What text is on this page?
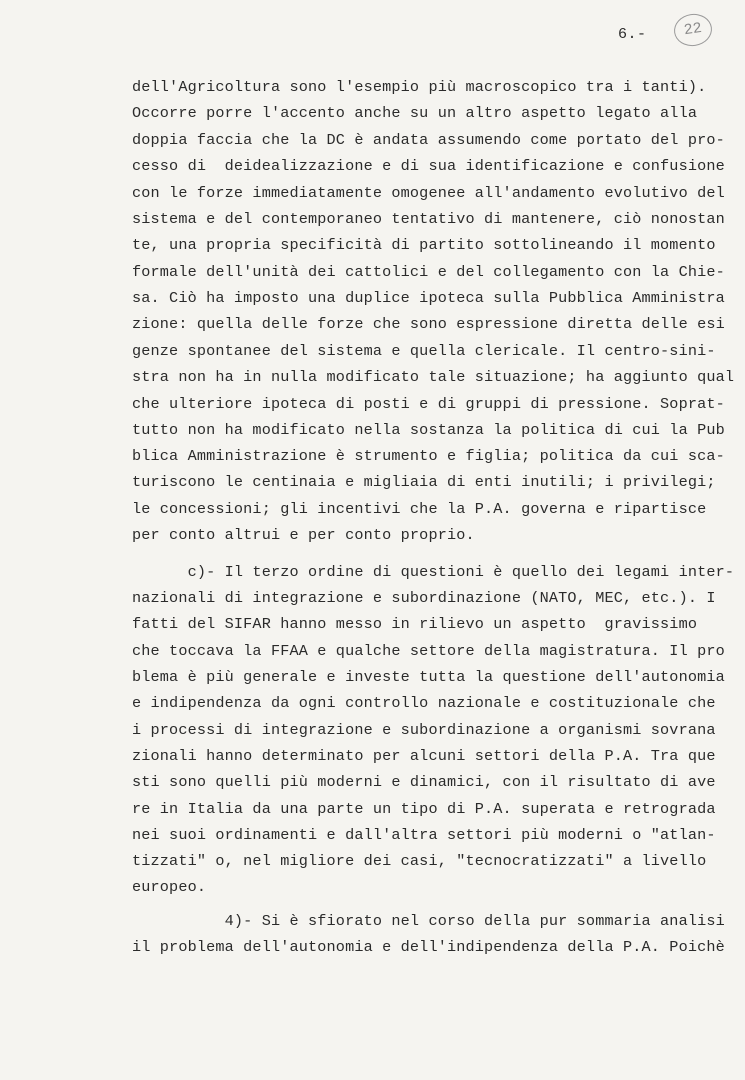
6.-	22
dell'Agricoltura sono l'esempio più macroscopico tra i tanti).
Occorre porre l'accento anche su un altro aspetto legato alla
doppia faccia che la DC è andata assumendo come portato del pro-
cesso di  deidealizzazione e di sua identificazione e confusione
con le forze immediatamente omogenee all'andamento evolutivo del
sistema e del contemporaneo tentativo di mantenere, ciò nonostan
te, una propria specificità di partito sottolineando il momento
formale dell'unità dei cattolici e del collegamento con la Chie-
sa. Ciò ha imposto una duplice ipoteca sulla Pubblica Amministra
zione: quella delle forze che sono espressione diretta delle esi
genze spontanee del sistema e quella clericale. Il centro-sini-
stra non ha in nulla modificato tale situazione; ha aggiunto qual
che ulteriore ipoteca di posti e di gruppi di pressione. Soprat-
tutto non ha modificato nella sostanza la politica di cui la Pub
blica Amministrazione è strumento e figlia; politica da cui sca-
turiscono le centinaia e migliaia di enti inutili; i privilegi;
le concessioni; gli incentivi che la P.A. governa e ripartisce
per conto altrui e per conto proprio.
c)- Il terzo ordine di questioni è quello dei legami inter-
nazionali di integrazione e subordinazione (NATO, MEC, etc.). I
fatti del SIFAR hanno messo in rilievo un aspetto  gravissimo
che toccava la FFAA e qualche settore della magistratura. Il pro
blema è più generale e investe tutta la questione dell'autonomia
e indipendenza da ogni controllo nazionale e costituzionale che
i processi di integrazione e subordinazione a organismi sovrana
zionali hanno determinato per alcuni settori della P.A. Tra que
sti sono quelli più moderni e dinamici, con il risultato di ave
re in Italia da una parte un tipo di P.A. superata e retrograda
nei suoi ordinamenti e dall'altra settori più moderni o "atlan-
tizzati" o, nel migliore dei casi, "tecnocratizzati" a livello
europeo.
4)- Si è sfiorato nel corso della pur sommaria analisi
il problema dell'autonomia e dell'indipendenza della P.A. Poichè
